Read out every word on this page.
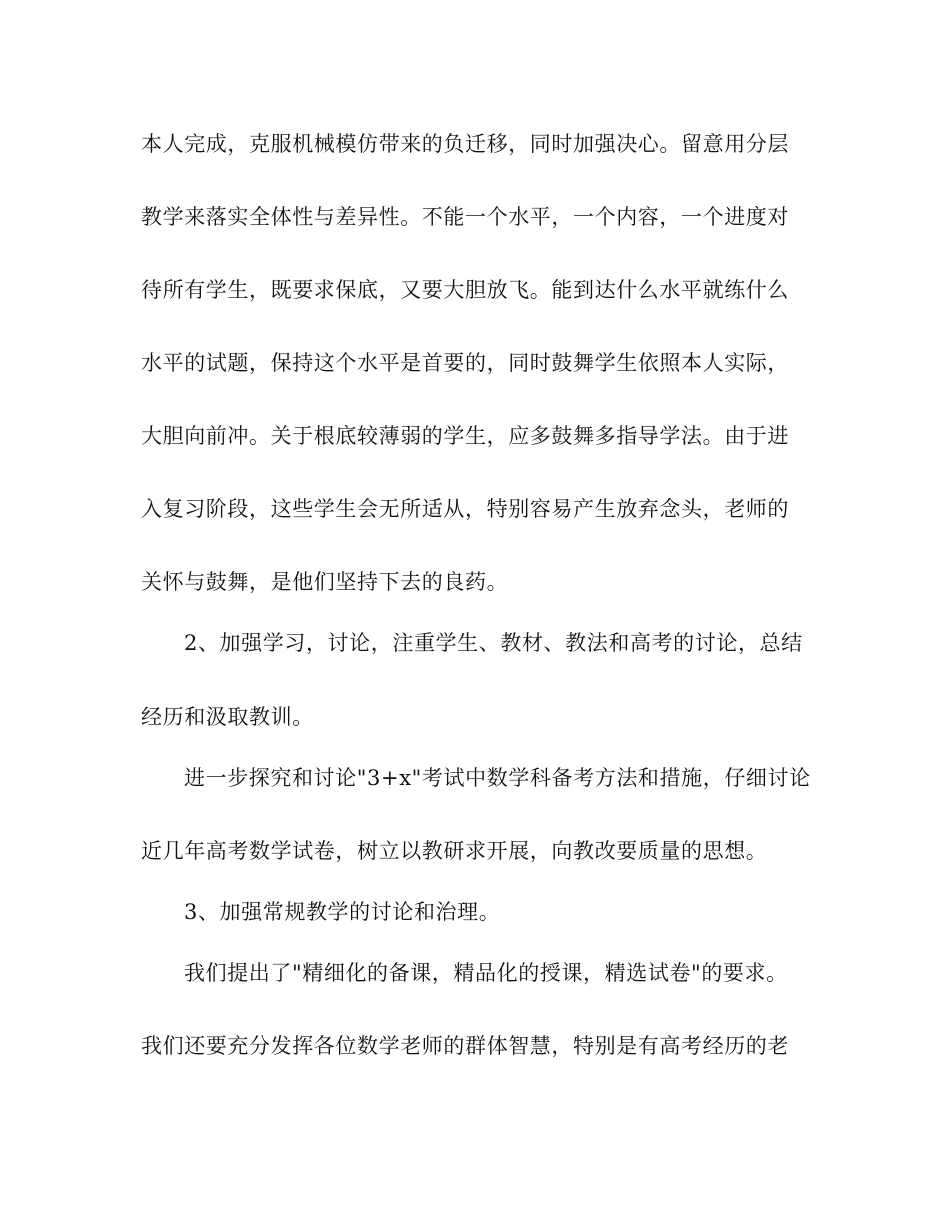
本人完成，克服机械模仿带来的负迁移，同时加强决心。留意用分层
教学来落实全体性与差异性。不能一个水平，一个内容，一个进度对
待所有学生，既要求保底，又要大胆放飞。能到达什么水平就练什么
水平的试题，保持这个水平是首要的，同时鼓舞学生依照本人实际，
大胆向前冲。关于根底较薄弱的学生，应多鼓舞多指导学法。由于进
入复习阶段，这些学生会无所适从，特别容易产生放弃念头，老师的
关怀与鼓舞，是他们坚持下去的良药。
2、加强学习，讨论，注重学生、教材、教法和高考的讨论，总结
经历和汲取教训。
进一步探究和讨论"3+x"考试中数学科备考方法和措施，仔细讨论
近几年高考数学试卷，树立以教研求开展，向教改要质量的思想。
3、加强常规教学的讨论和治理。
我们提出了"精细化的备课，精品化的授课，精选试卷"的要求。
我们还要充分发挥各位数学老师的群体智慧，特别是有高考经历的老
